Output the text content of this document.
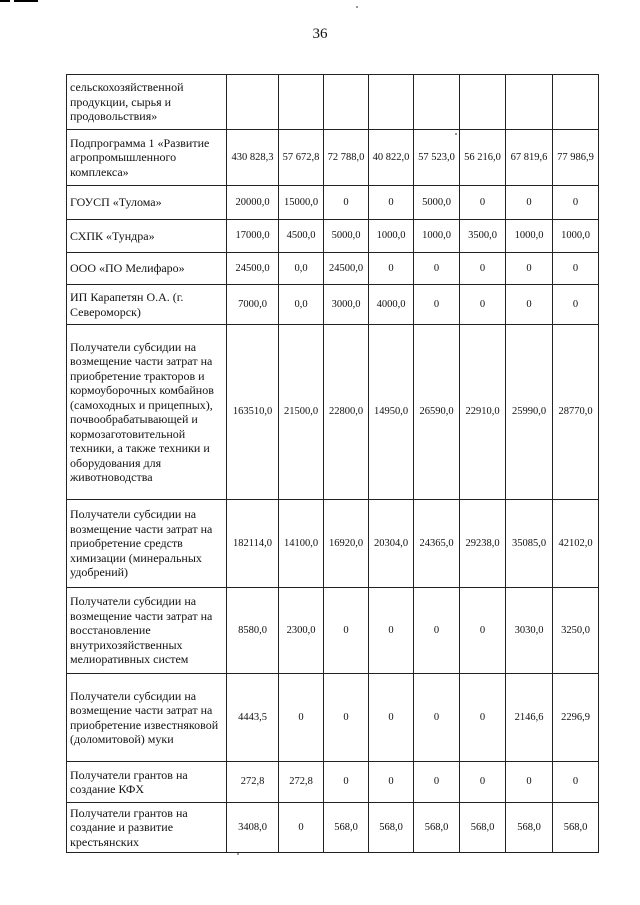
36
сельскохозяйственной продукции, сырья и продовольствия»								
Подпрограмма 1 «Развитие агропромышленного комплекса»	430 828,3	57 672,8	72 788,0	40 822,0	57 523,0	56 216,0	67 819,6	77 986,9
ГОУСП «Тулома»	20000,0	15000,0	0	0	5000,0	0	0	0
СХПК «Тундра»	17000,0	4500,0	5000,0	1000,0	1000,0	3500,0	1000,0	1000,0
ООО «ПО Мелифаро»	24500,0	0,0	24500,0	0	0	0	0	0
ИП Карапетян О.А. (г. Североморск)	7000,0	0,0	3000,0	4000,0	0	0	0	0
Получатели субсидии на возмещение части затрат на приобретение тракторов и кормоуборочных комбайнов (самоходных и прицепных), почвообрабатывающей и кормозаготовительной техники, а также техники и оборудования для животноводства	163510,0	21500,0	22800,0	14950,0	26590,0	22910,0	25990,0	28770,0
Получатели субсидии на возмещение части затрат на приобретение средств химизации (минеральных удобрений)	182114,0	14100,0	16920,0	20304,0	24365,0	29238,0	35085,0	42102,0
Получатели субсидии на возмещение части затрат на восстановление внутрихозяйственных мелиоративных систем	8580,0	2300,0	0	0	0	0	3030,0	3250,0
Получатели субсидии на возмещение части затрат на приобретение известняковой (доломитовой) муки	4443,5	0	0	0	0	0	2146,6	2296,9
Получатели грантов на создание КФХ	272,8	272,8	0	0	0	0	0	0
Получатели грантов на создание и развитие крестьянских	3408,0	0	568,0	568,0	568,0	568,0	568,0	568,0
